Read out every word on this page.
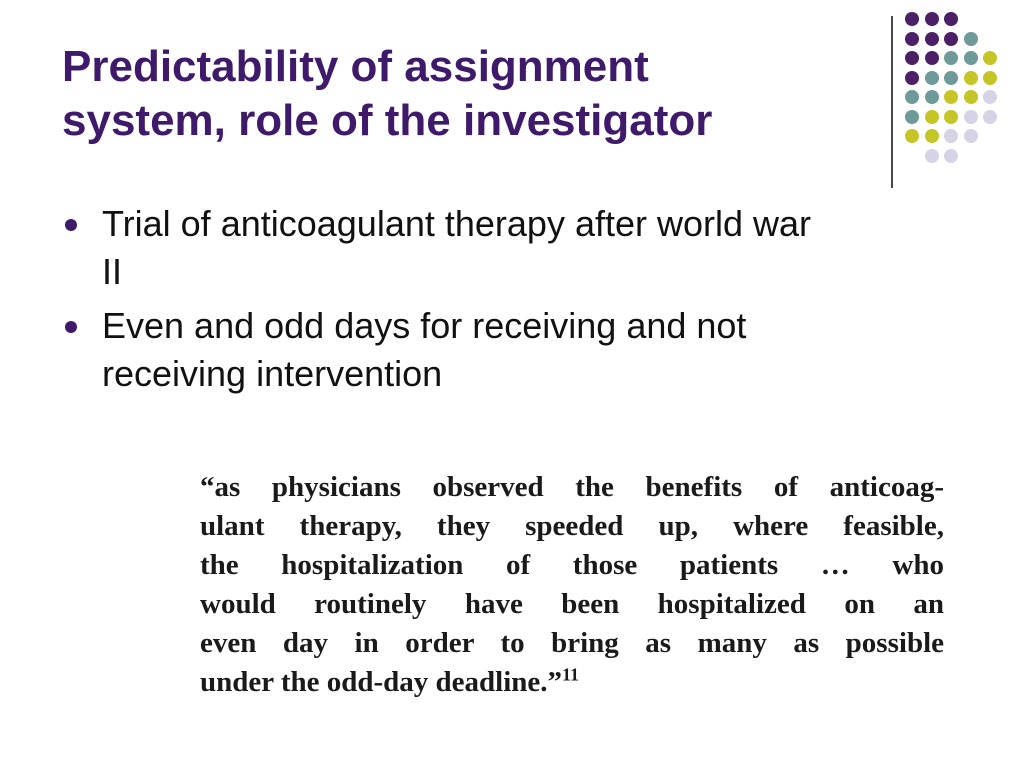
Predictability of assignment
system, role of the investigator
Trial of anticoagulant therapy after world war
II
Even and odd days for receiving and not
receiving intervention
“as physicians observed the benefits of anticoag-
ulant therapy, they speeded up, where feasible,
the hospitalization of those patients … who
would routinely have been hospitalized on an
even day in order to bring as many as possible
under the odd-day deadline.”$^{11}$
